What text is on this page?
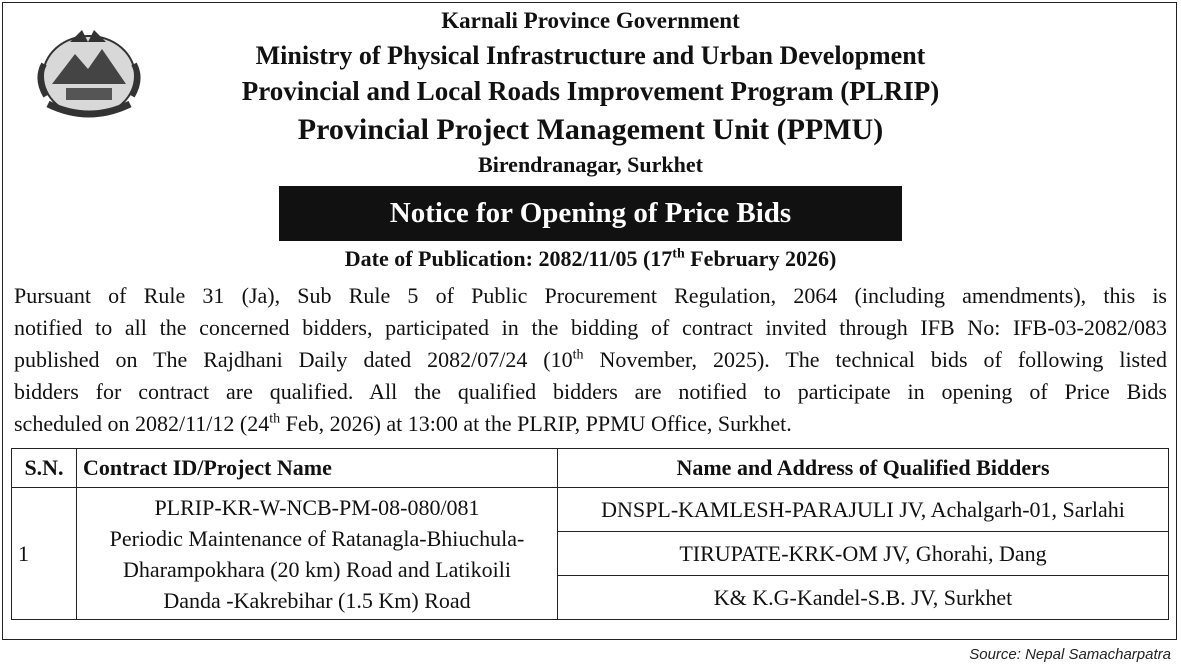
Karnali Province Government
Ministry of Physical Infrastructure and Urban Development
Provincial and Local Roads Improvement Program (PLRIP)
Provincial Project Management Unit (PPMU)
Birendranagar, Surkhet
Notice for Opening of Price Bids
Date of Publication: 2082/11/05 (17th February 2026)
Pursuant of Rule 31 (Ja), Sub Rule 5 of Public Procurement Regulation, 2064 (including amendments), this is
notified to all the concerned bidders, participated in the bidding of contract invited through IFB No: IFB-03-2082/083
published on The Rajdhani Daily dated 2082/07/24 (10th November, 2025). The technical bids of following listed
bidders for contract are qualified. All the qualified bidders are notified to participate in opening of Price Bids
scheduled on 2082/11/12 (24th Feb, 2026) at 13:00 at the PLRIP, PPMU Office, Surkhet.
S.N.	Contract ID/Project Name	Name and Address of Qualified Bidders
1	PLRIP-KR-W-NCB-PM-08-080/081
Periodic Maintenance of Ratanagla-Bhiuchula-
Dharampokhara (20 km) Road and Latikoili
Danda -Kakrebihar (1.5 Km) Road	DNSPL-KAMLESH-PARAJULI JV, Achalgarh-01, Sarlahi
		TIRUPATE-KRK-OM JV, Ghorahi, Dang
		K& K.G-Kandel-S.B. JV, Surkhet
Source: Nepal Samacharpatra
